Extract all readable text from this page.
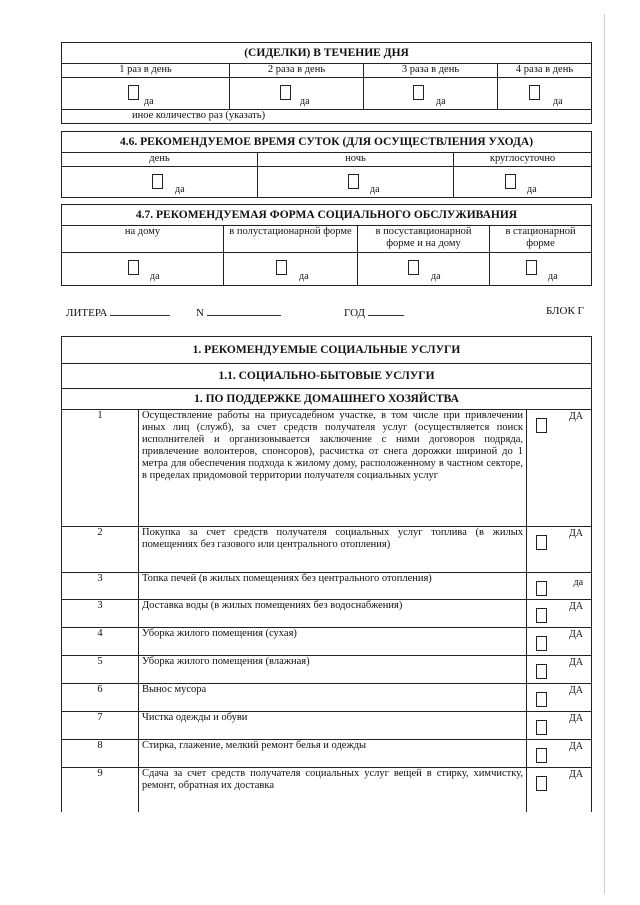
(СИДЕЛКИ) В ТЕЧЕНИЕ ДНЯ			
1 раз в день	2 раза в день	3 раза в день	4 раза в день

да	да	да	да

иное количество раз (указать)			
4.6. РЕКОМЕНДУЕМОЕ ВРЕМЯ СУТОК (ДЛЯ ОСУЩЕСТВЛЕНИЯ УХОДА)		
день	ночь	круглосуточно

да	да	да
4.7. РЕКОМЕНДУЕМАЯ ФОРМА СОЦИАЛЬНОГО ОБСЛУЖИВАНИЯ			
на дому	в полустационарной форме	в посуставционарной форме и на дому	в стационарной форме

да	да	да	да
ЛИТЕРА	N	ГОД	БЛОК Г
1. РЕКОМЕНДУЕМЫЕ СОЦИАЛЬНЫЕ УСЛУГИ		
1.1. СОЦИАЛЬНО-БЫТОВЫЕ УСЛУГИ		
1. ПО ПОДДЕРЖКЕ ДОМАШНЕГО ХОЗЯЙСТВА		
1	Осуществление работы на приусадебном участке, в том числе при привлечении иных лиц (служб), за счет средств получателя услуг (осуществляется поиск исполнителей и организовывается заключение с ними договоров подряда, привлечение волонтеров, спонсоров), расчистка от снега дорожки шириной до 1 метра для обеспечения подхода к жилому дому, расположенному в частном секторе, в пределах придомовой территории получателя социальных услуг	ДА

2	Покупка за счет средств получателя социальных услуг топлива (в жилых помещениях без газового или центрального отопления)	ДА

3	Топка печей (в жилых помещениях без центрального отопления)	да

3	Доставка воды (в жилых помещениях без водоснабжения)	ДА

4	Уборка жилого помещения (сухая)	ДА

5	Уборка жилого помещения (влажная)	ДА

6	Вынос мусора	ДА

7	Чистка одежды и обуви	ДА

8	Стирка, глажение, мелкий ремонт белья и одежды	ДА

9	Сдача за счет средств получателя социальных услуг вещей в стирку, химчистку, ремонт, обратная их доставка	ДА
